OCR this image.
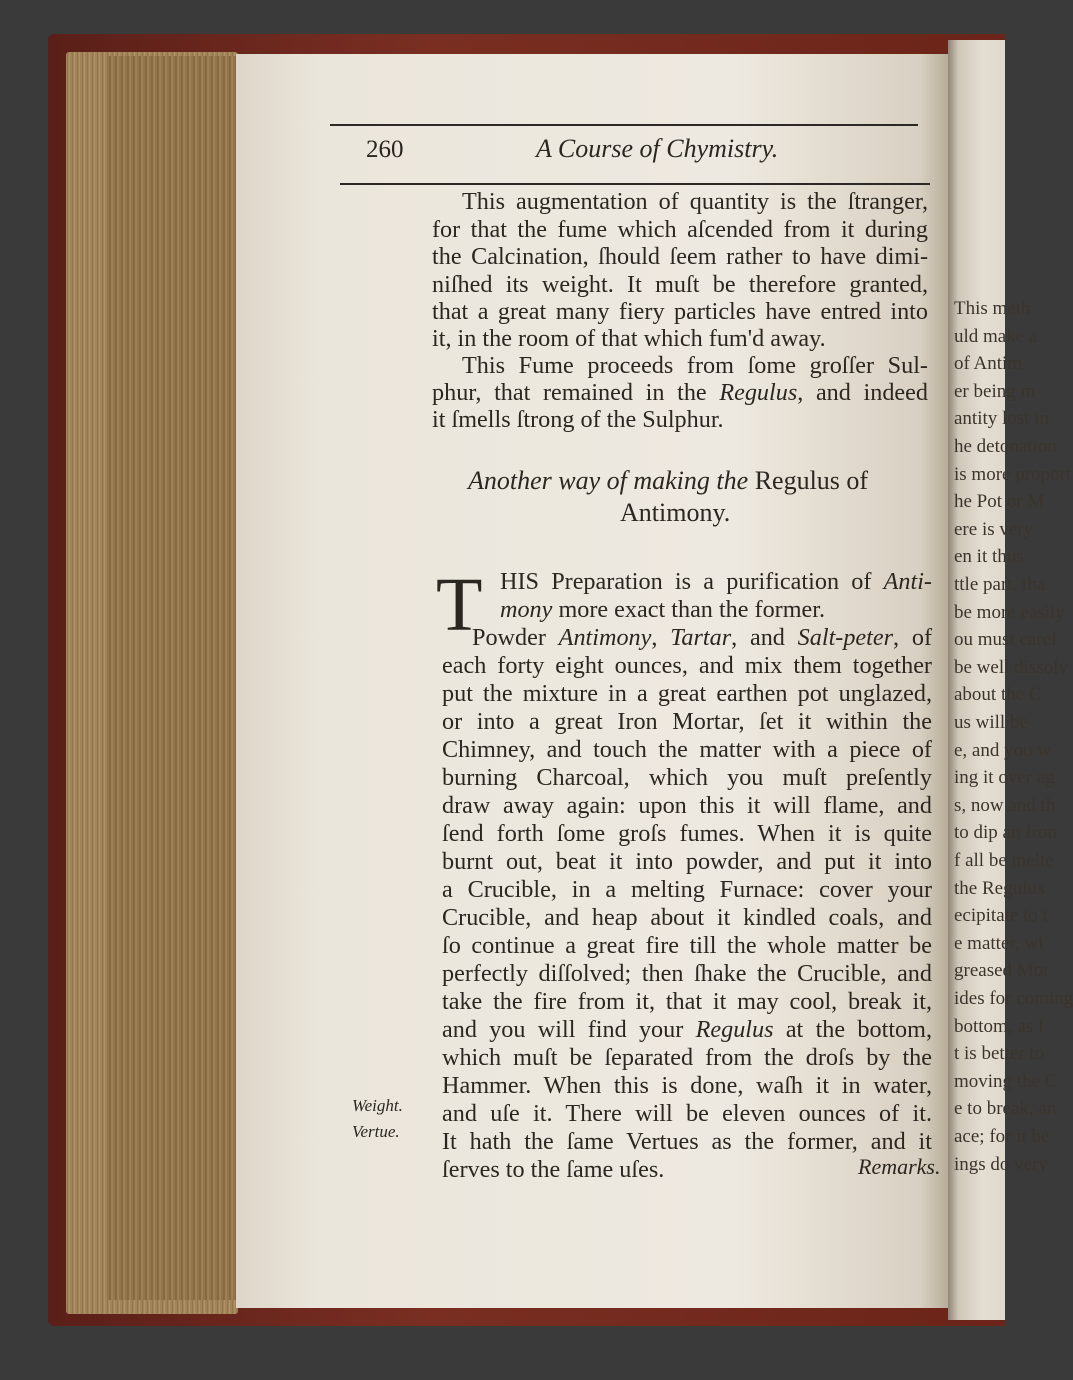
This meth
uld make a
of Antim
er being m
antity lost in
he detonation
is more proport
he Pot or M
ere is very
en it thus
ttle part, tha
be more easily
ou must caref
be well dissolv
about the C
us will be
e, and you w
ing it over ag
s, now and th
to dip an Iron
f all be melte
the Regulus
ecipitate to t
e matter, wi
greased Mor
ides for coming
bottom, as I
t is better to
moving the C
e to break, an
ace; for it be
ings do very
260	A Course of Chymistry.
This augmentation of quantity is the ſtranger,
for that the fume which aſcended from it during
the Calcination, ſhould ſeem rather to have dimi-
niſhed its weight. It muſt be therefore granted,
that a great many fiery particles have entred into
it, in the room of that which fum'd away.
This Fume proceeds from ſome groſſer Sul-
phur, that remained in the Regulus, and indeed
it ſmells ſtrong of the Sulphur.
Another way of making the Regulus of
Antimony.
T HIS Preparation is a purification of Anti-
mony more exact than the former.
Powder Antimony, Tartar, and Salt-peter, of
each forty eight ounces, and mix them together
put the mixture in a great earthen pot unglazed,
or into a great Iron Mortar, ſet it within the
Chimney, and touch the matter with a piece of
burning Charcoal, which you muſt preſently
draw away again: upon this it will flame, and
ſend forth ſome groſs fumes. When it is quite
burnt out, beat it into powder, and put it into
a Crucible, in a melting Furnace: cover your
Crucible, and heap about it kindled coals, and
ſo continue a great fire till the whole matter be
perfectly diſſolved; then ſhake the Crucible, and
take the fire from it, that it may cool, break it,
and you will find your Regulus at the bottom,
which muſt be ſeparated from the droſs by the
Hammer. When this is done, waſh it in water,
and uſe it. There will be eleven ounces of it.
It hath the ſame Vertues as the former, and it
ſerves to the ſame uſes.	Remarks.
Weight.
Vertue.
